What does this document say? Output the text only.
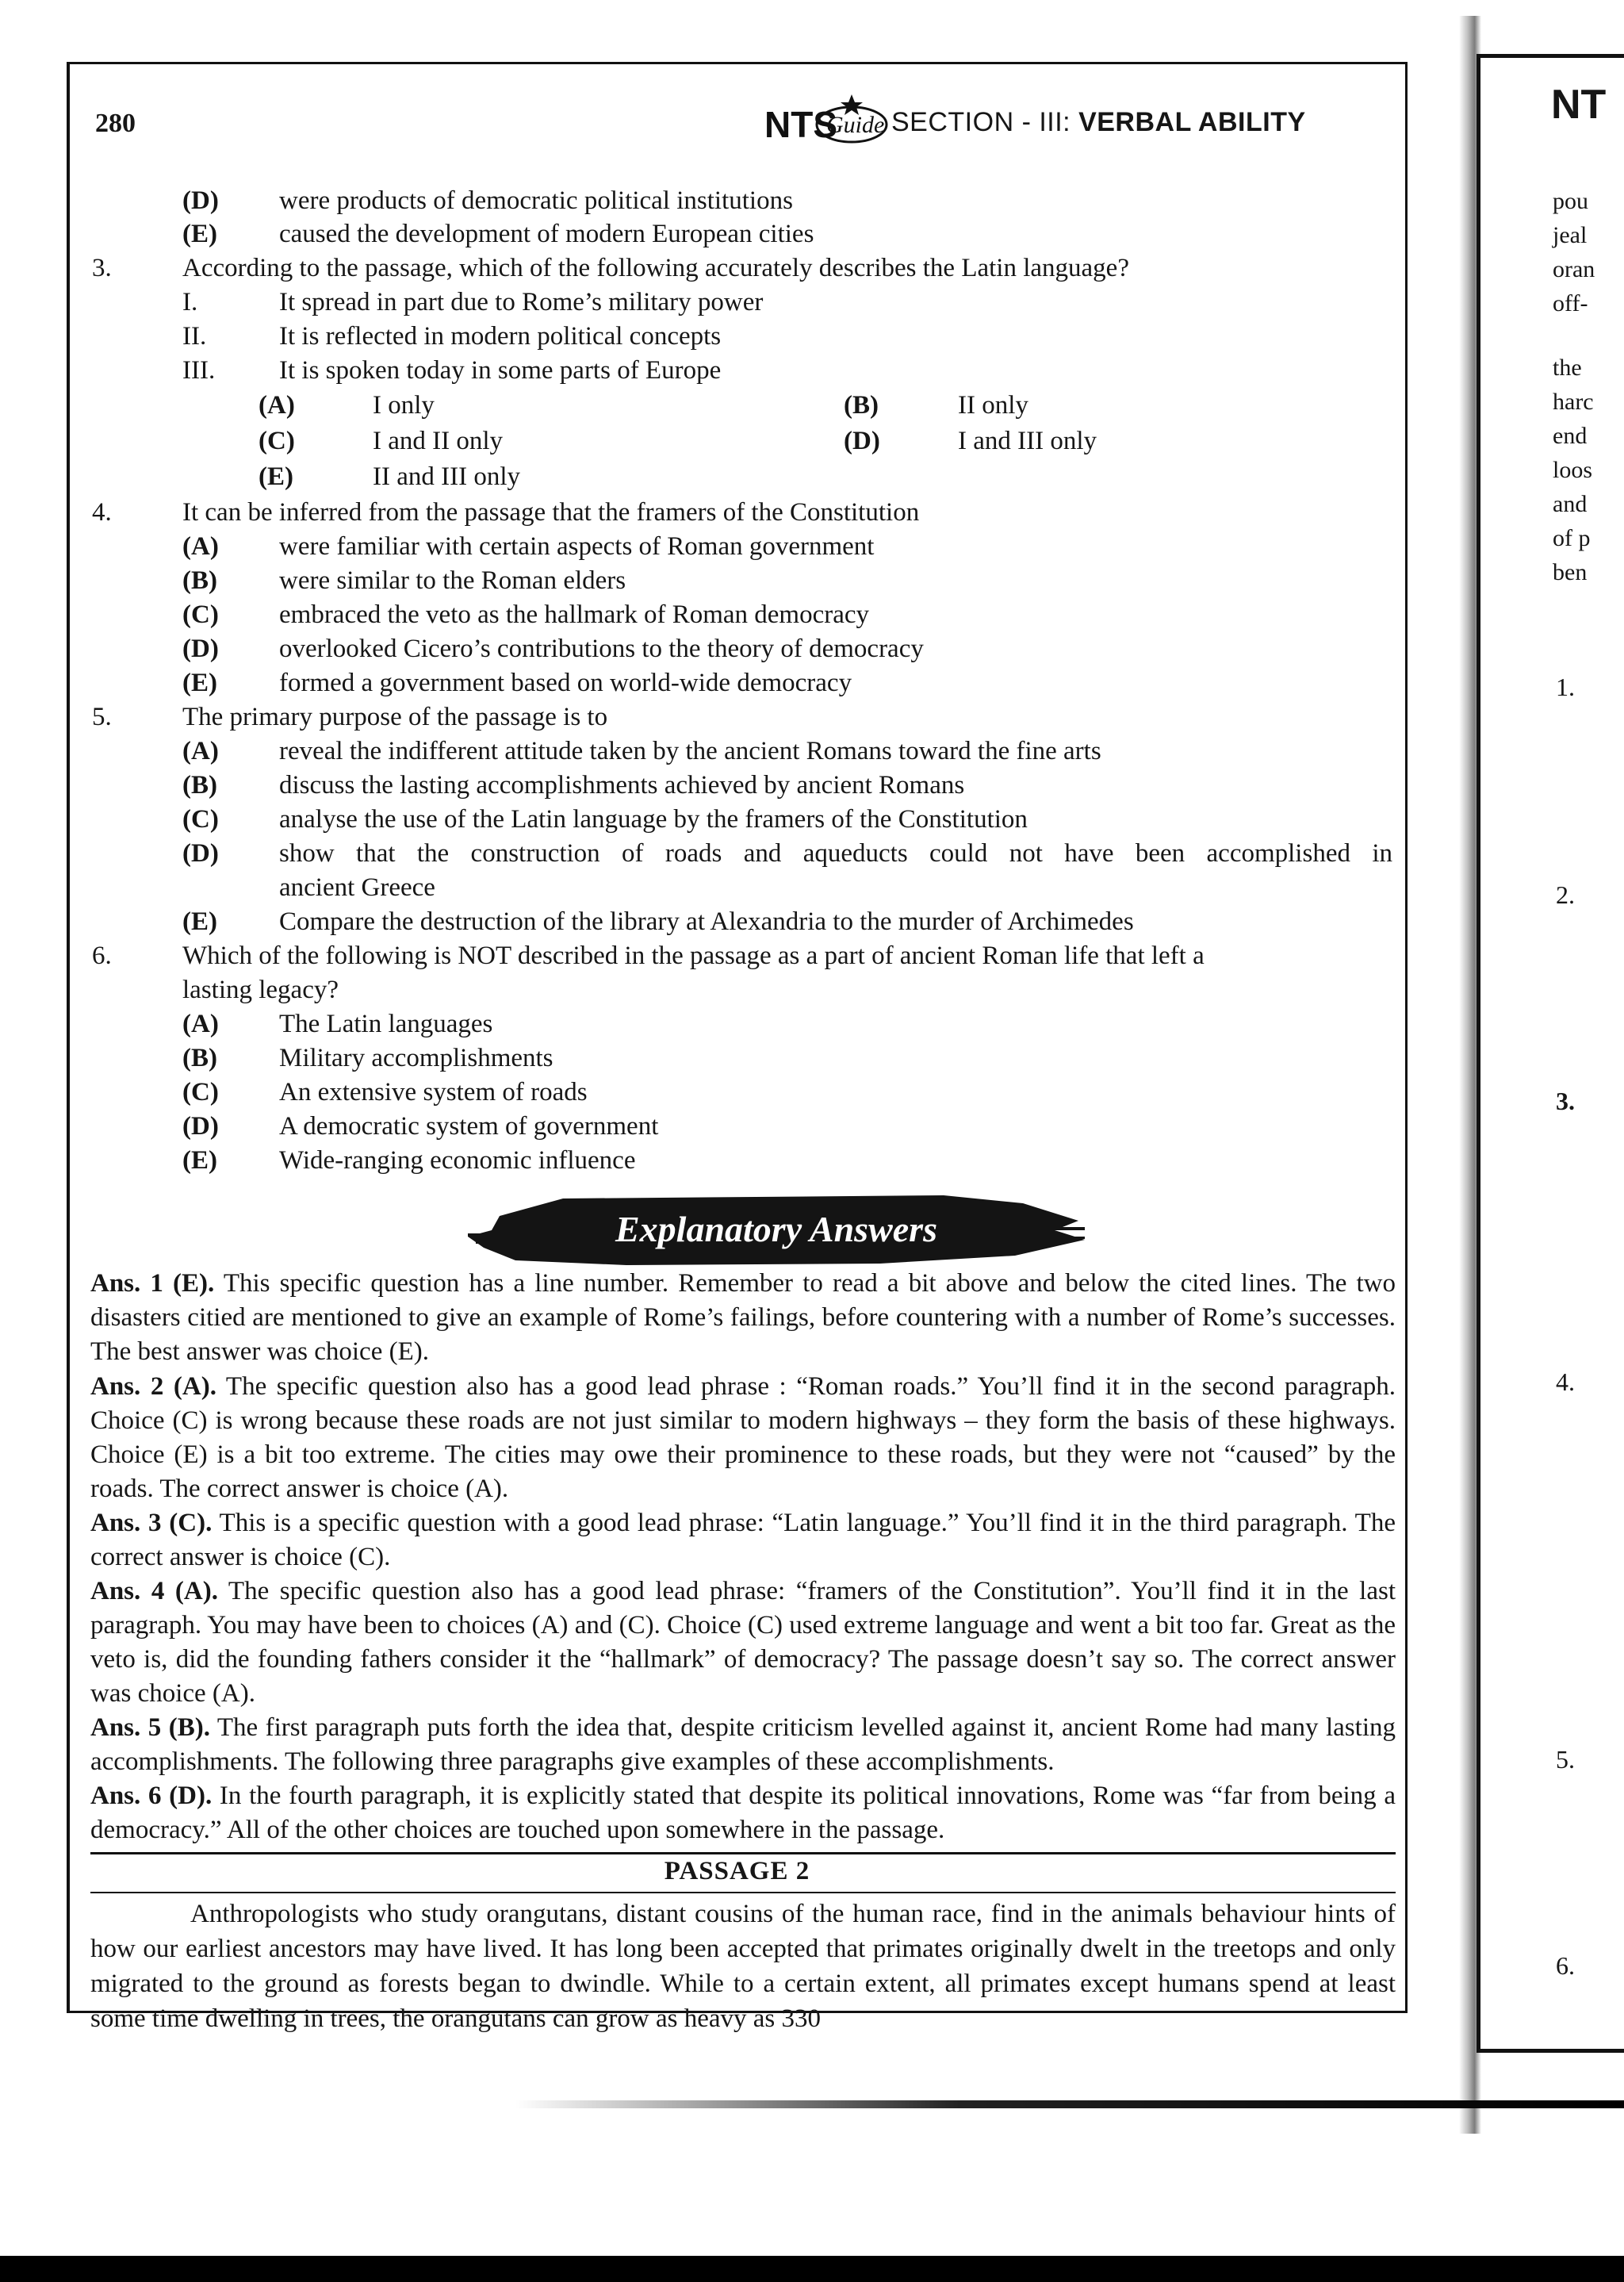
280	NTS
Guide SECTION - III: VERBAL ABILITY
(D) were products of democratic political institutions
(E) caused the development of modern European cities
3.	According to the passage, which of the following accurately describes the Latin language?
I.	It spread in part due to Rome’s military power
II.	It is reflected in modern political concepts
III. It is spoken today in some parts of Europe
(A)	I only	(B)	II only
(C)	I and II only	(D)	I and III only
(E)	II and III only
4.	It can be inferred from the passage that the framers of the Constitution
(A) were familiar with certain aspects of Roman government
(B) were similar to the Roman elders
(C) embraced the veto as the hallmark of Roman democracy
(D) overlooked Cicero’s contributions to the theory of democracy
(E) formed a government based on world-wide democracy
5.	The primary purpose of the passage is to
(A) reveal the indifferent attitude taken by the ancient Romans toward the fine arts
(B) discuss the lasting accomplishments achieved by ancient Romans
(C) analyse the use of the Latin language by the framers of the Constitution
(D) show that the construction of roads and aqueducts could not have been accomplished in
ancient Greece
(E) Compare the destruction of the library at Alexandria to the murder of Archimedes
6.	Which of the following is NOT described in the passage as a part of ancient Roman life that left a
lasting legacy?
(A) The Latin languages
(B) Military accomplishments
(C) An extensive system of roads
(D) A democratic system of government
(E) Wide-ranging economic influence
Explanatory Answers
Ans. 1 (E). This specific question has a line number. Remember to read a bit above and below the cited lines. The two disasters citied are mentioned to give an example of Rome’s failings, before countering with a number of Rome’s successes. The best answer was choice (E).
Ans. 2 (A). The specific question also has a good lead phrase : “Roman roads.” You’ll find it in the second paragraph. Choice (C) is wrong because these roads are not just similar to modern highways – they form the basis of these highways. Choice (E) is a bit too extreme. The cities may owe their prominence to these roads, but they were not “caused” by the roads. The correct answer is choice (A).
Ans. 3 (C). This is a specific question with a good lead phrase: “Latin language.” You’ll find it in the third paragraph. The correct answer is choice (C).
Ans. 4 (A). The specific question also has a good lead phrase: “framers of the Constitution”. You’ll find it in the last paragraph. You may have been to choices (A) and (C). Choice (C) used extreme language and went a bit too far. Great as the veto is, did the founding fathers consider it the “hallmark” of democracy? The passage doesn’t say so. The correct answer was choice (A).
Ans. 5 (B). The first paragraph puts forth the idea that, despite criticism levelled against it, ancient Rome had many lasting accomplishments. The following three paragraphs give examples of these accomplishments.
Ans. 6 (D). In the fourth paragraph, it is explicitly stated that despite its political innovations, Rome was “far from being a democracy.” All of the other choices are touched upon somewhere in the passage.
PASSAGE 2
Anthropologists who study orangutans, distant cousins of the human race, find in the animals behaviour hints of how our earliest ancestors may have lived. It has long been accepted that primates originally dwelt in the treetops and only migrated to the ground as forests began to dwindle. While to a certain extent, all primates except humans spend at least some time dwelling in trees, the orangutans can grow as heavy as 330
NT
pou
jeal
oran
off-
the
harc
end
loos
and
of p
ben
1.
2.
3.
4.
5.
6.
